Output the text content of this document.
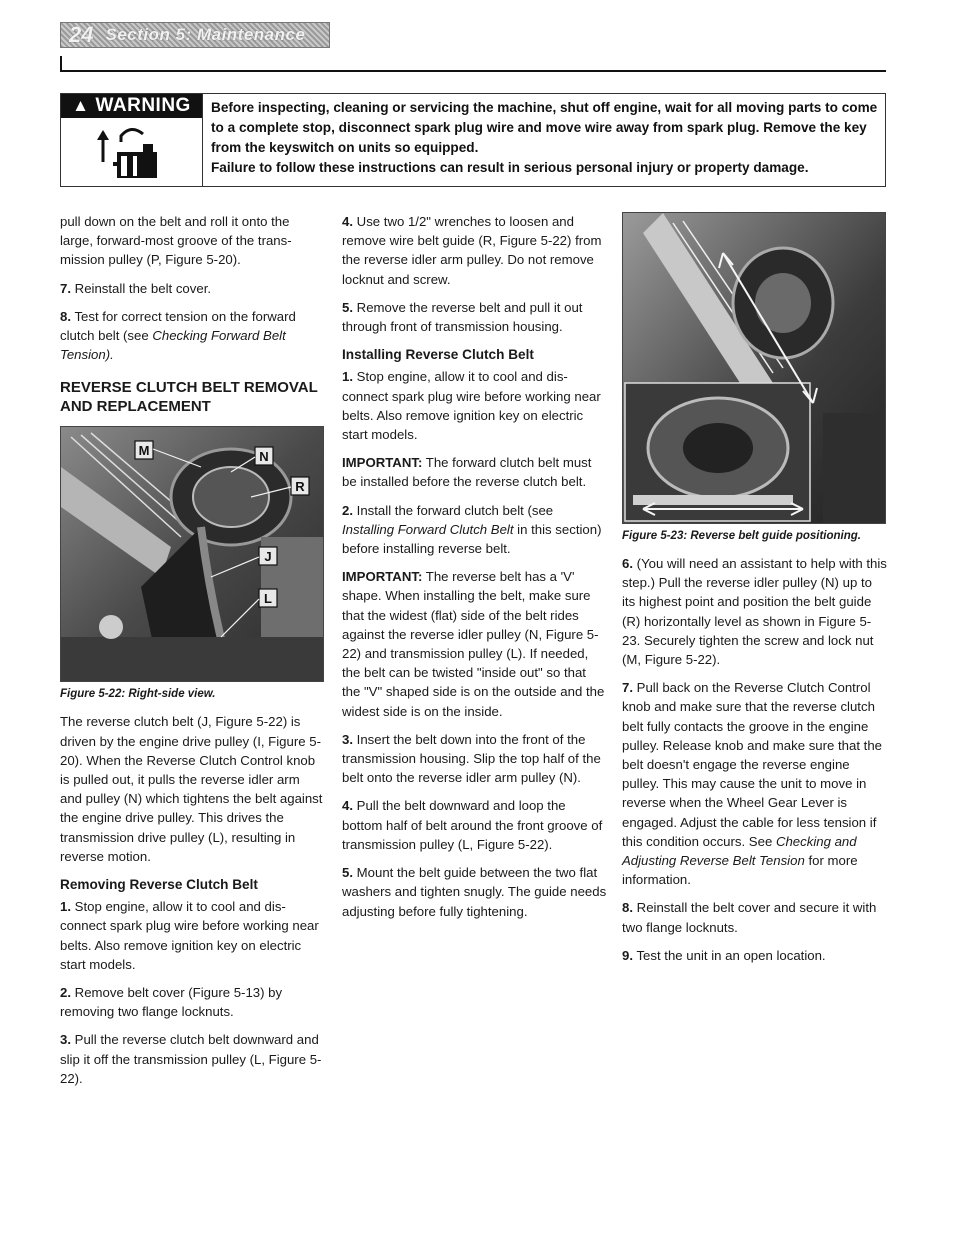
24 Section 5: Maintenance
▲ WARNING Before inspecting, cleaning or servicing the machine, shut off engine, wait for all moving parts to come to a complete stop, disconnect spark plug wire and move wire away from spark plug. Remove the key from the keyswitch on units so equipped.

Failure to follow these instructions can result in serious personal injury or property damage.

pull down on the belt and roll it onto the large, forward-most groove of the trans-mission pulley (P, Figure 5-20).

7. Reinstall the belt cover.

8. Test for correct tension on the forward clutch belt (see Checking Forward Belt Tension).

REVERSE CLUTCH BELT REMOVAL AND REPLACEMENT
M	N
R
J
L
Figure 5-22: Right-side view.

The reverse clutch belt (J, Figure 5-22) is driven by the engine drive pulley (I, Figure 5-20). When the Reverse Clutch Control knob is pulled out, it pulls the reverse idler arm and pulley (N) which tightens the belt against the engine drive pulley. This drives the transmission drive pulley (L), resulting in reverse motion.

Removing Reverse Clutch Belt

1. Stop engine, allow it to cool and dis-connect spark plug wire before working near belts. Also remove ignition key on electric start models.

2. Remove belt cover (Figure 5-13) by removing two flange locknuts.

3. Pull the reverse clutch belt downward and slip it off the transmission pulley (L, Figure 5-22).

4. Use two 1/2" wrenches to loosen and remove wire belt guide (R, Figure 5-22) from the reverse idler arm pulley. Do not remove locknut and screw.

5. Remove the reverse belt and pull it out through front of transmission housing.

Installing Reverse Clutch Belt

1. Stop engine, allow it to cool and dis-connect spark plug wire before working near belts. Also remove ignition key on electric start models.

IMPORTANT: The forward clutch belt must be installed before the reverse clutch belt.

2. Install the forward clutch belt (see Installing Forward Clutch Belt in this section) before installing reverse belt.

IMPORTANT: The reverse belt has a 'V' shape. When installing the belt, make sure that the widest (flat) side of the belt rides against the reverse idler pulley (N, Figure 5-22) and transmission pulley (L). If needed, the belt can be twisted "inside out" so that the "V" shaped side is on the outside and the widest side is on the inside.

3. Insert the belt down into the front of the transmission housing. Slip the top half of the belt onto the reverse idler arm pulley (N).

4. Pull the belt downward and loop the bottom half of belt around the front groove of transmission pulley (L, Figure 5-22).

5. Mount the belt guide between the two flat washers and tighten snugly. The guide needs adjusting before fully tightening.

Figure 5-23: Reverse belt guide positioning.

6. (You will need an assistant to help with this step.) Pull the reverse idler pulley (N) up to its highest point and position the belt guide (R) horizontally level as shown in Figure 5-23. Securely tighten the screw and lock nut (M, Figure 5-22).

7. Pull back on the Reverse Clutch Control knob and make sure that the reverse clutch belt fully contacts the groove in the engine pulley. Release knob and make sure that the belt doesn't engage the reverse engine pulley. This may cause the unit to move in reverse when the Wheel Gear Lever is engaged. Adjust the cable for less tension if this condition occurs. See Checking and Adjusting Reverse Belt Tension for more information.

8. Reinstall the belt cover and secure it with two flange locknuts.

9. Test the unit in an open location.
